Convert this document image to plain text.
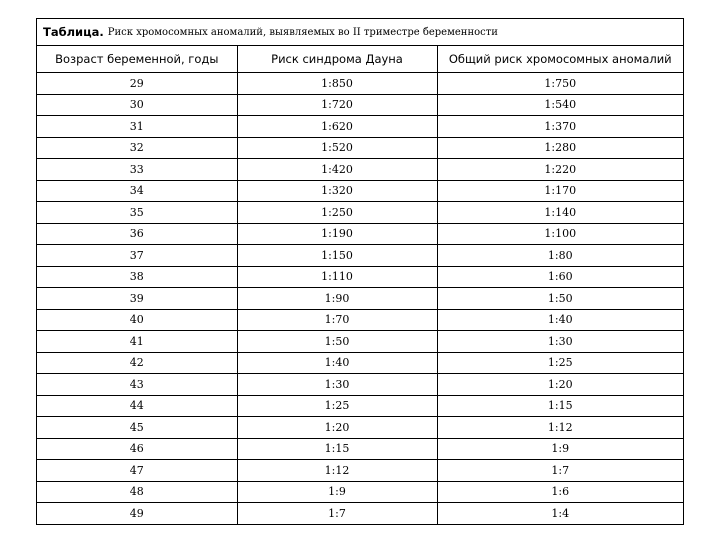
Таблица. Риск хромосомных аномалий, выявляемых во II триместре беременности
Возраст беременной, годы	Риск синдрома Дауна	Общий риск хромосомных аномалий
29	1:850	1:750
30	1:720	1:540
31	1:620	1:370
32	1:520	1:280
33	1:420	1:220
34	1:320	1:170
35	1:250	1:140
36	1:190	1:100
37	1:150	1:80
38	1:110	1:60
39	1:90	1:50
40	1:70	1:40
41	1:50	1:30
42	1:40	1:25
43	1:30	1:20
44	1:25	1:15
45	1:20	1:12
46	1:15	1:9
47	1:12	1:7
48	1:9	1:6
49	1:7	1:4
